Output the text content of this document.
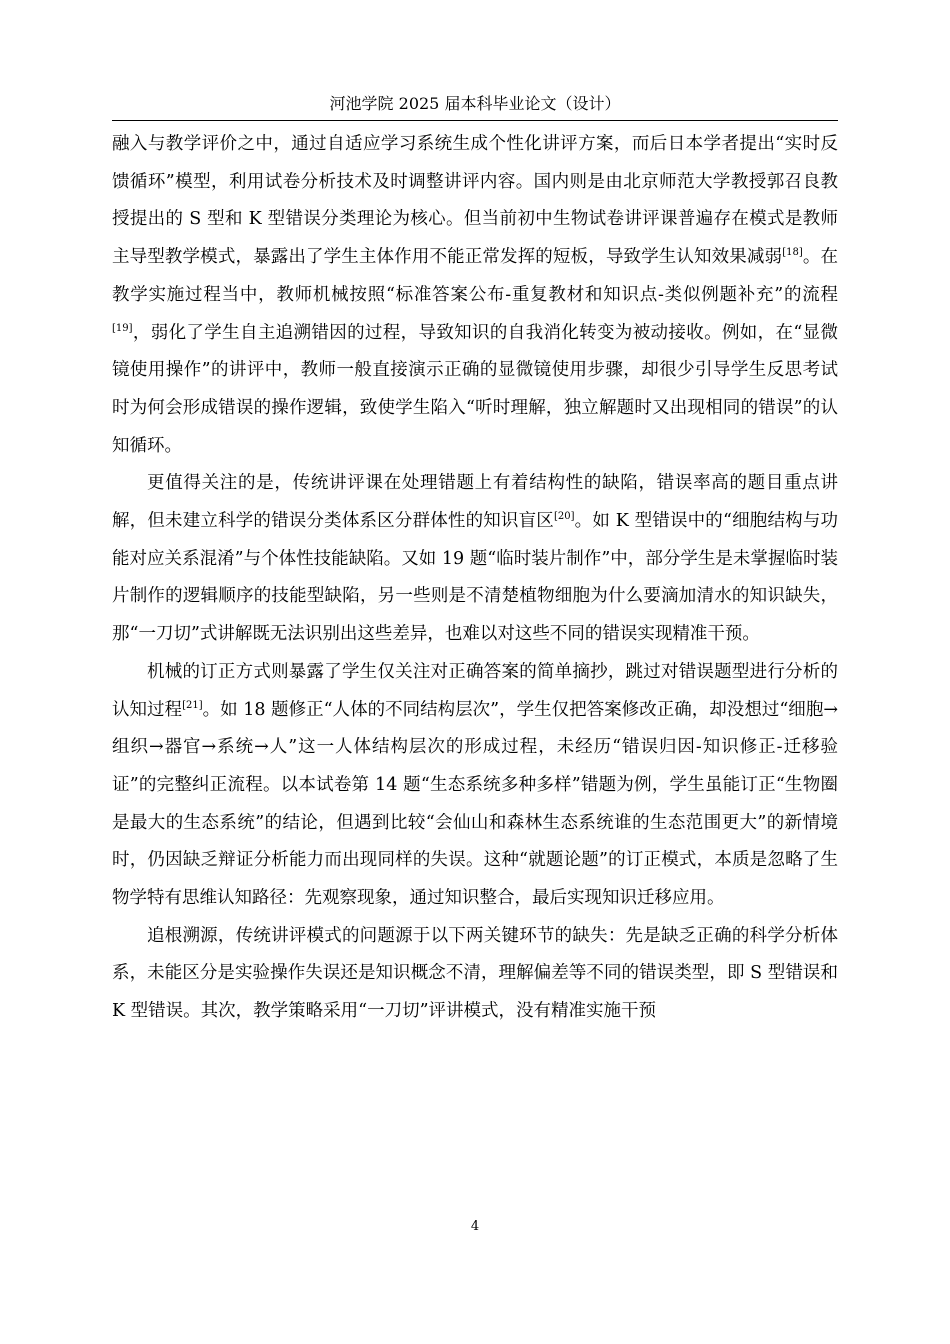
河池学院 2025 届本科毕业论文（设计）

融入与教学评价之中，通过自适应学习系统生成个性化讲评方案，而后日本学者提出“实时反馈循环”模型，利用试卷分析技术及时调整讲评内容。国内则是由北京师范大学教授郭召良教授提出的 S 型和 K 型错误分类理论为核心。但当前初中生物试卷讲评课普遍存在模式是教师主导型教学模式，暴露出了学生主体作用不能正常发挥的短板，导致学生认知效果减弱[18]。在教学实施过程当中，教师机械按照“标准答案公布-重复教材和知识点-类似例题补充”的流程[19]，弱化了学生自主追溯错因的过程，导致知识的自我消化转变为被动接收。例如，在“显微镜使用操作”的讲评中，教师一般直接演示正确的显微镜使用步骤，却很少引导学生反思考试时为何会形成错误的操作逻辑，致使学生陷入“听时理解，独立解题时又出现相同的错误”的认知循环。

更值得关注的是，传统讲评课在处理错题上有着结构性的缺陷，错误率高的题目重点讲解，但未建立科学的错误分类体系区分群体性的知识盲区[20]。如 K 型错误中的“细胞结构与功能对应关系混淆”与个体性技能缺陷。又如 19 题“临时装片制作”中，部分学生是未掌握临时装片制作的逻辑顺序的技能型缺陷，另一些则是不清楚植物细胞为什么要滴加清水的知识缺失，那“一刀切”式讲解既无法识别出这些差异，也难以对这些不同的错误实现精准干预。

机械的订正方式则暴露了学生仅关注对正确答案的简单摘抄，跳过对错误题型进行分析的认知过程[21]。如 18 题修正“人体的不同结构层次”，学生仅把答案修改正确，却没想过“细胞→组织→器官→系统→人”这一人体结构层次的形成过程，未经历“错误归因-知识修正-迁移验证”的完整纠正流程。以本试卷第 14 题“生态系统多种多样”错题为例，学生虽能订正“生物圈是最大的生态系统”的结论，但遇到比较“会仙山和森林生态系统谁的生态范围更大”的新情境时，仍因缺乏辩证分析能力而出现同样的失误。这种“就题论题”的订正模式，本质是忽略了生物学特有思维认知路径：先观察现象，通过知识整合，最后实现知识迁移应用。

追根溯源，传统讲评模式的问题源于以下两关键环节的缺失：先是缺乏正确的科学分析体系，未能区分是实验操作失误还是知识概念不清，理解偏差等不同的错误类型，即 S 型错误和 K 型错误。其次，教学策略采用“一刀切”评讲模式，没有精准实施干预

4
